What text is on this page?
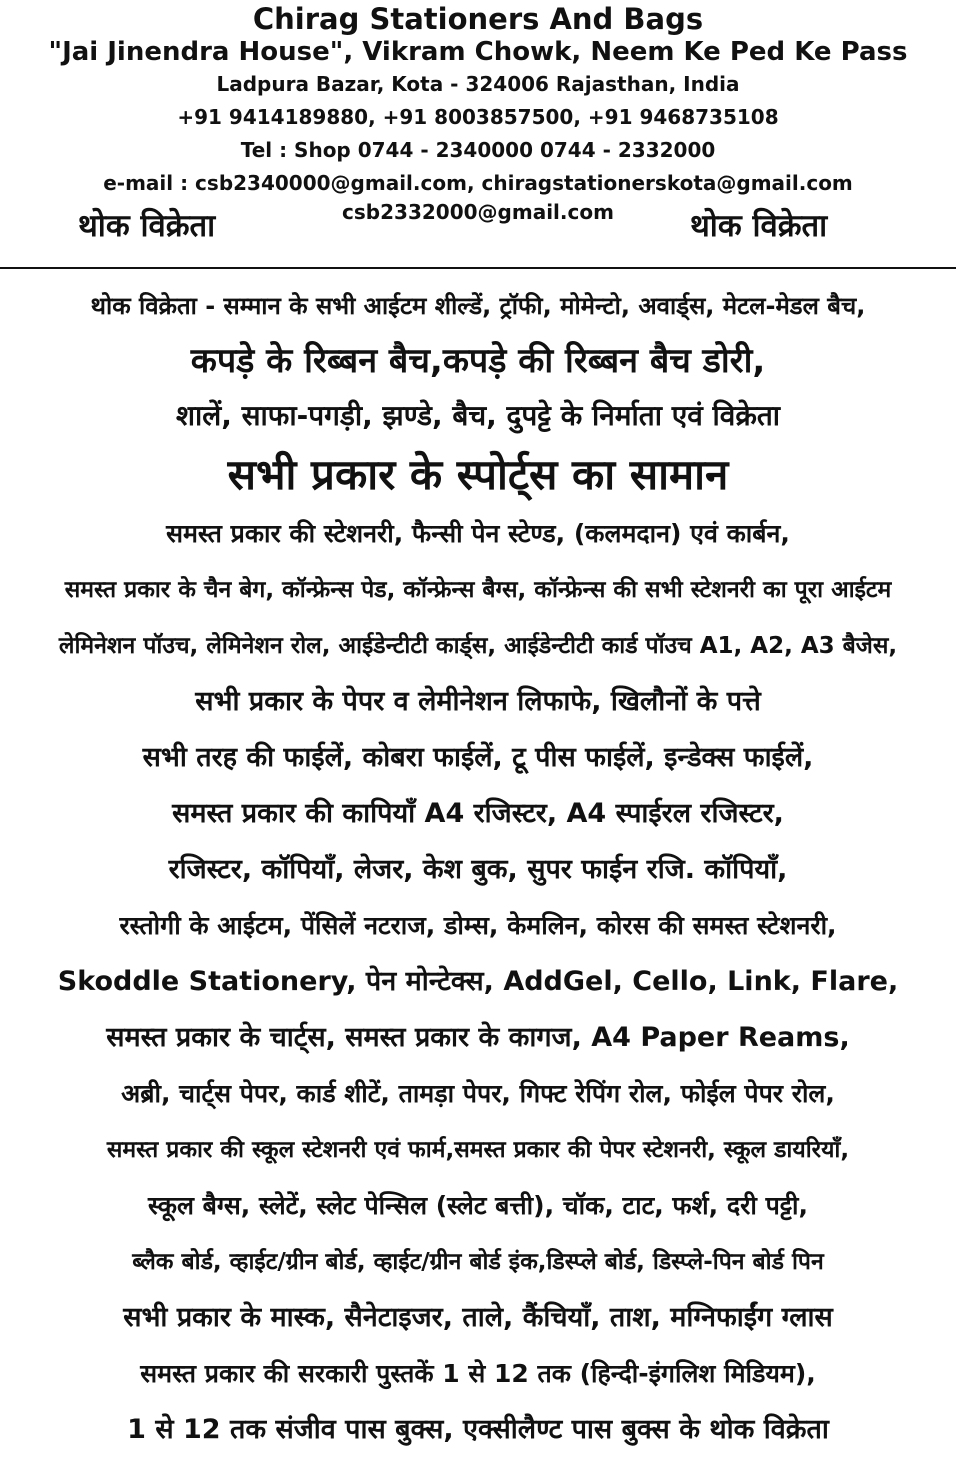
Chirag Stationers And Bags
"Jai Jinendra House", Vikram Chowk, Neem Ke Ped Ke Pass
Ladpura Bazar, Kota - 324006 Rajasthan, India
+91 9414189880, +91 8003857500, +91 9468735108
Tel : Shop 0744 - 2340000 0744 - 2332000
e-mail : csb2340000@gmail.com, chiragstationerskota@gmail.com
थोक विक्रेता	csb2332000@gmail.com	थोक विक्रेता
थोक विक्रेता - सम्मान के सभी आईटम शील्डें, ट्रॉफी, मोमेन्टो, अवार्ड्स, मेटल-मेडल बैच,
कपड़े के रिब्बन बैच,कपड़े की रिब्बन बैच डोरी,
शालें, साफा-पगड़ी, झण्डे, बैच, दुपट्टे के निर्माता एवं विक्रेता
सभी प्रकार के स्पोर्ट्स का सामान
समस्त प्रकार की स्टेशनरी, फैन्सी पेन स्टेण्ड, (कलमदान) एवं कार्बन,
समस्त प्रकार के चैन बेग, कॉन्फ्रेन्स पेड, कॉन्फ्रेन्स बैग्स, कॉन्फ्रेन्स की सभी स्टेशनरी का पूरा आईटम
लेमिनेशन पॉउच, लेमिनेशन रोल, आईडेन्टीटी कार्ड्स, आईडेन्टीटी कार्ड पॉउच A1, A2, A3 बैजेस,
सभी प्रकार के पेपर व लेमीनेशन लिफाफे, खिलौनों के पत्ते
सभी तरह की फाईलें, कोबरा फाईलें, टू पीस फाईलें, इन्डेक्स फाईलें,
समस्त प्रकार की कापियाँ A4 रजिस्टर, A4 स्पाईरल रजिस्टर,
रजिस्टर, कॉपियाँ, लेजर, केश बुक, सुपर फाईन रजि. कॉपियाँ,
रस्तोगी के आईटम, पेंसिलें नटराज, डोम्स, केमलिन, कोरस की समस्त स्टेशनरी,
Skoddle Stationery, पेन मोन्टेक्स, AddGel, Cello, Link, Flare,
समस्त प्रकार के चार्ट्स, समस्त प्रकार के कागज, A4 Paper Reams,
अब्री, चार्ट्स पेपर, कार्ड शीटें, तामड़ा पेपर, गिफ्ट रेपिंग रोल, फोईल पेपर रोल,
समस्त प्रकार की स्कूल स्टेशनरी एवं फार्म,समस्त प्रकार की पेपर स्टेशनरी, स्कूल डायरियाँ,
स्कूल बैग्स, स्लेटें, स्लेट पेन्सिल (स्लेट बत्ती), चॉक, टाट, फर्श, दरी पट्टी,
ब्लैक बोर्ड, व्हाईट/ग्रीन बोर्ड, व्हाईट/ग्रीन बोर्ड इंक,डिस्प्ले बोर्ड, डिस्प्ले-पिन बोर्ड पिन
सभी प्रकार के मास्क, सैनेटाइजर, ताले, कैंचियाँ, ताश, मग्निफाईंग ग्लास
समस्त प्रकार की सरकारी पुस्तकें 1 से 12 तक (हिन्दी-इंगलिश मिडियम),
1 से 12 तक संजीव पास बुक्स, एक्सीलैण्ट पास बुक्स के थोक विक्रेता
